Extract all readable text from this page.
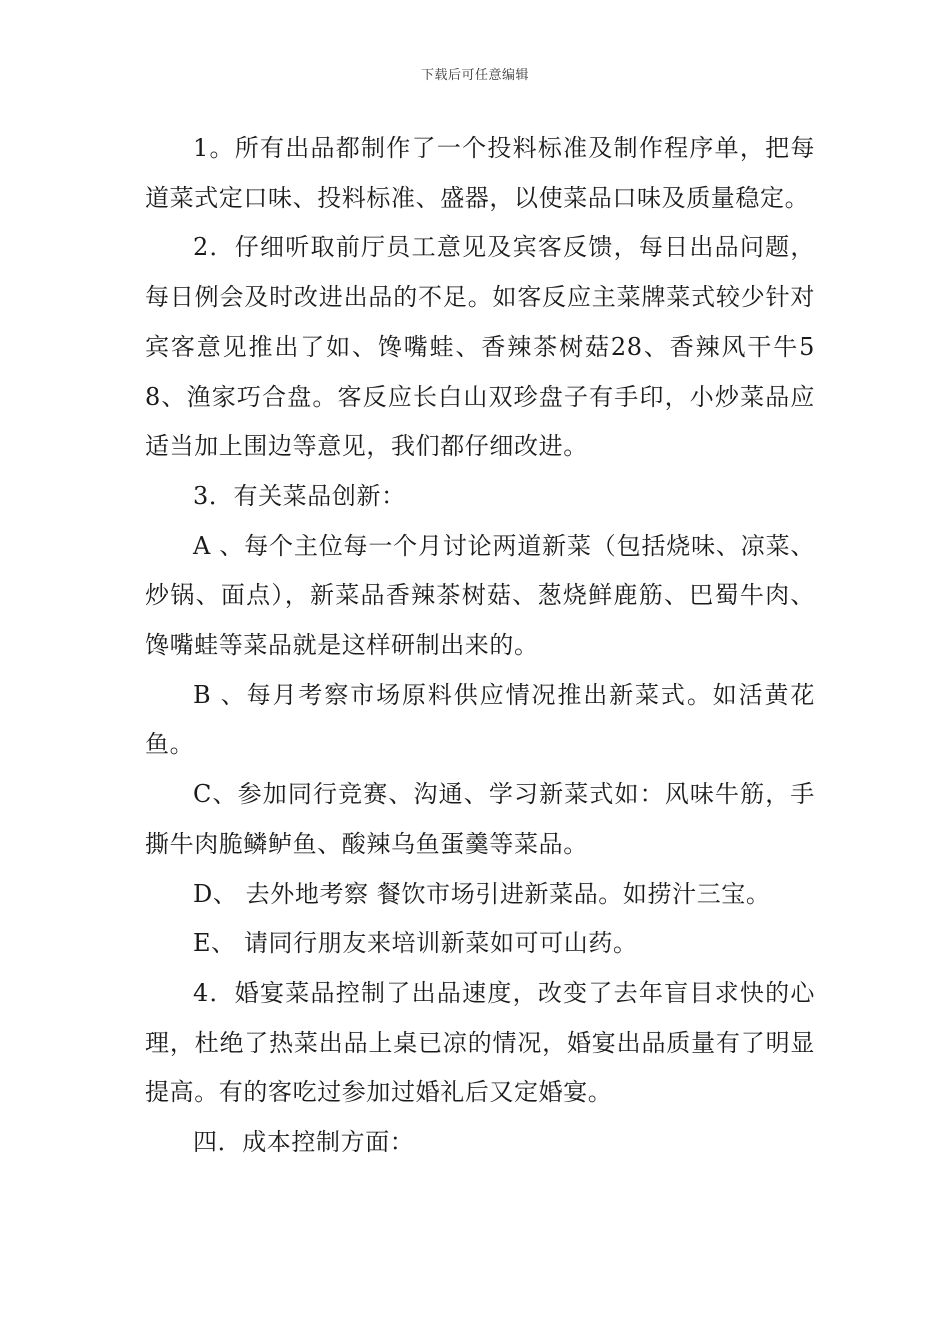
下载后可任意编辑

1。所有出品都制作了一个投料标准及制作程序单，把每道菜式定口味、投料标准、盛器，以使菜品口味及质量稳定。

2．仔细听取前厅员工意见及宾客反馈，每日出品问题，每日例会及时改进出品的不足。如客反应主菜牌菜式较少针对宾客意见推出了如、馋嘴蛙、香辣茶树菇28、香辣风干牛58、渔家巧合盘。客反应长白山双珍盘子有手印，小炒菜品应适当加上围边等意见，我们都仔细改进。

3．有关菜品创新：

A 、每个主位每一个月讨论两道新菜（包括烧味、凉菜、炒锅、面点），新菜品香辣茶树菇、葱烧鲜鹿筋、巴蜀牛肉、馋嘴蛙等菜品就是这样研制出来的。

B 、每月考察市场原料供应情况推出新菜式。如活黄花鱼。

C、参加同行竞赛、沟通、学习新菜式如：风味牛筋，手撕牛肉脆鳞鲈鱼、酸辣乌鱼蛋羹等菜品。

D、 去外地考察 餐饮市场引进新菜品。如捞汁三宝。

E、 请同行朋友来培训新菜如可可山药。

4．婚宴菜品控制了出品速度，改变了去年盲目求快的心理，杜绝了热菜出品上桌已凉的情况，婚宴出品质量有了明显提高。有的客吃过参加过婚礼后又定婚宴。

四．成本控制方面：
